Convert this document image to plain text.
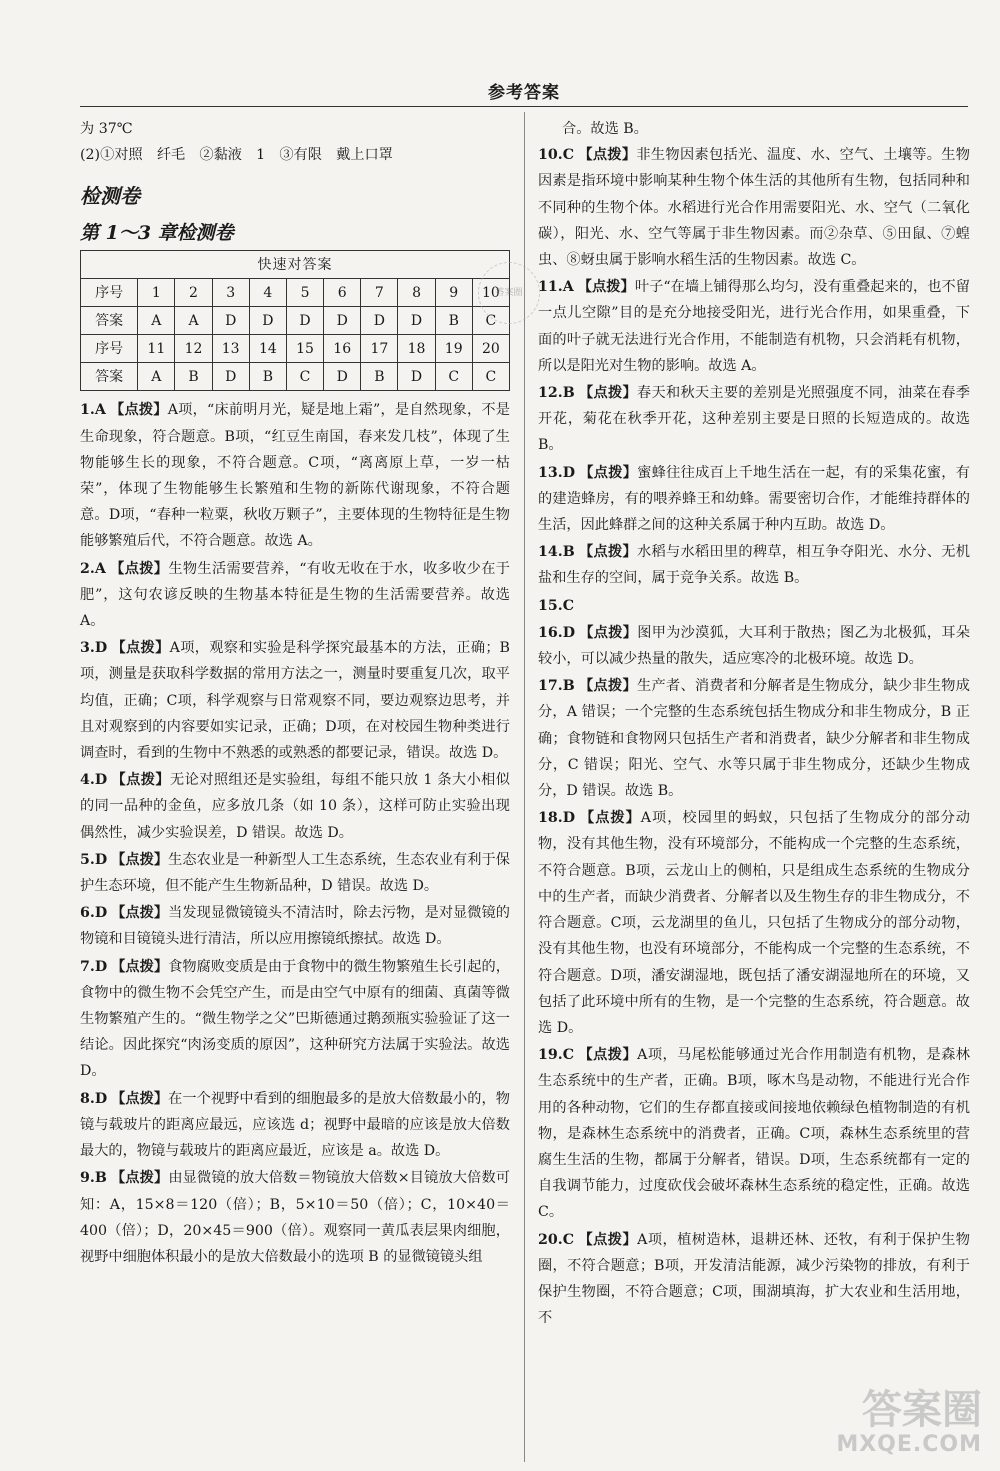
参考答案

为 37℃

(2)①对照　纤毛　②黏液　1　③有限　戴上口罩

检测卷
第 1～3 章检测卷
快速对答案										
序号	1	2	3	4	5	6	7	8	9	10
答案	A	A	D	D	D	D	D	D	B	C
序号	11	12	13	14	15	16	17	18	19	20
答案	A	B	D	B	C	D	B	D	C	C

1.A 【点拨】A项，“床前明月光，疑是地上霜”，是自然现象，不是生命现象，符合题意。B项，“红豆生南国，春来发几枝”，体现了生物能够生长的现象，不符合题意。C项，“离离原上草，一岁一枯荣”，体现了生物能够生长繁殖和生物的新陈代谢现象，不符合题意。D项，“春种一粒粟，秋收万颗子”，主要体现的生物特征是生物能够繁殖后代，不符合题意。故选 A。

2.A 【点拨】生物生活需要营养，“有收无收在于水，收多收少在于肥”，这句农谚反映的生物基本特征是生物的生活需要营养。故选 A。

3.D 【点拨】A项，观察和实验是科学探究最基本的方法，正确；B项，测量是获取科学数据的常用方法之一，测量时要重复几次，取平均值，正确；C项，科学观察与日常观察不同，要边观察边思考，并且对观察到的内容要如实记录，正确；D项，在对校园生物种类进行调查时，看到的生物中不熟悉的或熟悉的都要记录，错误。故选 D。

4.D 【点拨】无论对照组还是实验组，每组不能只放 1 条大小相似的同一品种的金鱼，应多放几条（如 10 条），这样可防止实验出现偶然性，减少实验误差，D 错误。故选 D。

5.D 【点拨】生态农业是一种新型人工生态系统，生态农业有利于保护生态环境，但不能产生生物新品种，D 错误。故选 D。

6.D 【点拨】当发现显微镜镜头不清洁时，除去污物，是对显微镜的物镜和目镜镜头进行清洁，所以应用擦镜纸擦拭。故选 D。

7.D 【点拨】食物腐败变质是由于食物中的微生物繁殖生长引起的，食物中的微生物不会凭空产生，而是由空气中原有的细菌、真菌等微生物繁殖产生的。“微生物学之父”巴斯德通过鹅颈瓶实验验证了这一结论。因此探究“肉汤变质的原因”，这种研究方法属于实验法。故选 D。

8.D 【点拨】在一个视野中看到的细胞最多的是放大倍数最小的，物镜与载玻片的距离应最远，应该选 d；视野中最暗的应该是放大倍数最大的，物镜与载玻片的距离应最近，应该是 a。故选 D。

9.B 【点拨】由显微镜的放大倍数＝物镜放大倍数×目镜放大倍数可知：A，15×8＝120（倍）；B，5×10＝50（倍）；C，10×40＝400（倍）；D，20×45＝900（倍）。观察同一黄瓜表层果肉细胞，视野中细胞体积最小的是放大倍数最小的选项 B 的显微镜镜头组

合。故选 B。

10.C 【点拨】非生物因素包括光、温度、水、空气、土壤等。生物因素是指环境中影响某种生物个体生活的其他所有生物，包括同种和不同种的生物个体。水稻进行光合作用需要阳光、水、空气（二氧化碳），阳光、水、空气等属于非生物因素。而②杂草、⑤田鼠、⑦蝗虫、⑧蚜虫属于影响水稻生活的生物因素。故选 C。

11.A 【点拨】叶子“在墙上铺得那么均匀，没有重叠起来的，也不留一点儿空隙”目的是充分地接受阳光，进行光合作用，如果重叠，下面的叶子就无法进行光合作用，不能制造有机物，只会消耗有机物，所以是阳光对生物的影响。故选 A。

12.B 【点拨】春天和秋天主要的差别是光照强度不同，油菜在春季开花，菊花在秋季开花，这种差别主要是日照的长短造成的。故选 B。

13.D 【点拨】蜜蜂往往成百上千地生活在一起，有的采集花蜜，有的建造蜂房，有的喂养蜂王和幼蜂。需要密切合作，才能维持群体的生活，因此蜂群之间的这种关系属于种内互助。故选 D。

14.B 【点拨】水稻与水稻田里的稗草，相互争夺阳光、水分、无机盐和生存的空间，属于竞争关系。故选 B。

15.C

16.D 【点拨】图甲为沙漠狐，大耳利于散热；图乙为北极狐，耳朵较小，可以减少热量的散失，适应寒冷的北极环境。故选 D。

17.B 【点拨】生产者、消费者和分解者是生物成分，缺少非生物成分，A 错误；一个完整的生态系统包括生物成分和非生物成分，B 正确；食物链和食物网只包括生产者和消费者，缺少分解者和非生物成分，C 错误；阳光、空气、水等只属于非生物成分，还缺少生物成分，D 错误。故选 B。

18.D 【点拨】A项，校园里的蚂蚁，只包括了生物成分的部分动物，没有其他生物，没有环境部分，不能构成一个完整的生态系统，不符合题意。B项，云龙山上的侧柏，只是组成生态系统的生物成分中的生产者，而缺少消费者、分解者以及生物生存的非生物成分，不符合题意。C项，云龙湖里的鱼儿，只包括了生物成分的部分动物，没有其他生物，也没有环境部分，不能构成一个完整的生态系统，不符合题意。D项，潘安湖湿地，既包括了潘安湖湿地所在的环境，又包括了此环境中所有的生物，是一个完整的生态系统，符合题意。故选 D。

19.C 【点拨】A项，马尾松能够通过光合作用制造有机物，是森林生态系统中的生产者，正确。B项，啄木鸟是动物，不能进行光合作用的各种动物，它们的生存都直接或间接地依赖绿色植物制造的有机物，是森林生态系统中的消费者，正确。C项，森林生态系统里的营腐生生活的生物，都属于分解者，错误。D项，生态系统都有一定的自我调节能力，过度砍伐会破坏森林生态系统的稳定性，正确。故选 C。

20.C 【点拨】A项，植树造林，退耕还林、还牧，有利于保护生物圈，不符合题意；B项，开发清洁能源，减少污染物的排放，有利于保护生物圈，不符合题意；C项，围湖填海，扩大农业和生活用地，不

答案圈
答案圈
MXQE.COM
